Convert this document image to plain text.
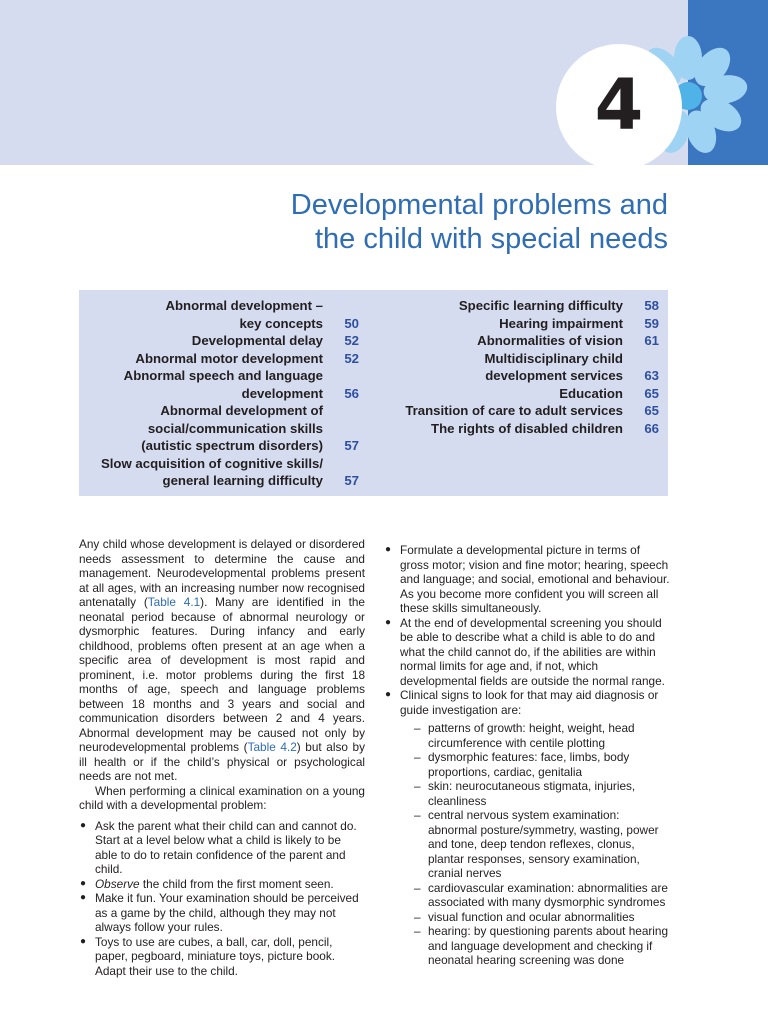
4
Developmental problems and
the child with special needs
Abnormal development –
key concepts	50
Developmental delay	52
Abnormal motor development	52
Abnormal speech and language
development	56
Abnormal development of
social/communication skills
(autistic spectrum disorders)	57
Slow acquisition of cognitive skills/
general learning difficulty	57
Specific learning difficulty	58
Hearing impairment	59
Abnormalities of vision	61
Multidisciplinary child
development services	63
Education	65
Transition of care to adult services	65
The rights of disabled children	66

Any child whose development is delayed or disordered needs assessment to determine the cause and management. Neurodevelopmental problems present at all ages, with an increasing number now recognised antenatally (Table 4.1). Many are identified in the neonatal period because of abnormal neurology or dysmorphic features. During infancy and early childhood, problems often present at an age when a specific area of development is most rapid and prominent, i.e. motor problems during the first 18 months of age, speech and language problems between 18 months and 3 years and social and communication disorders between 2 and 4 years. Abnormal development may be caused not only by neurodevelopmental problems (Table 4.2) but also by ill health or if the child’s physical or psychological needs are not met.

When performing a clinical examination on a young child with a developmental problem:

● Ask the parent what their child can and cannot do. Start at a level below what a child is likely to be able to do to retain confidence of the parent and child.
● Observe the child from the first moment seen.
● Make it fun. Your examination should be perceived as a game by the child, although they may not always follow your rules.
● Toys to use are cubes, a ball, car, doll, pencil, paper, pegboard, miniature toys, picture book. Adapt their use to the child.
● Formulate a developmental picture in terms of gross motor; vision and fine motor; hearing, speech and language; and social, emotional and behaviour. As you become more confident you will screen all these skills simultaneously.
● At the end of developmental screening you should be able to describe what a child is able to do and what the child cannot do, if the abilities are within normal limits for age and, if not, which developmental fields are outside the normal range.
● Clinical signs to look for that may aid diagnosis or guide investigation are:
– patterns of growth: height, weight, head circumference with centile plotting
– dysmorphic features: face, limbs, body proportions, cardiac, genitalia
– skin: neurocutaneous stigmata, injuries, cleanliness
– central nervous system examination: abnormal posture/symmetry, wasting, power and tone, deep tendon reflexes, clonus, plantar responses, sensory examination, cranial nerves
– cardiovascular examination: abnormalities are associated with many dysmorphic syndromes
– visual function and ocular abnormalities
– hearing: by questioning parents about hearing and language development and checking if neonatal hearing screening was done
